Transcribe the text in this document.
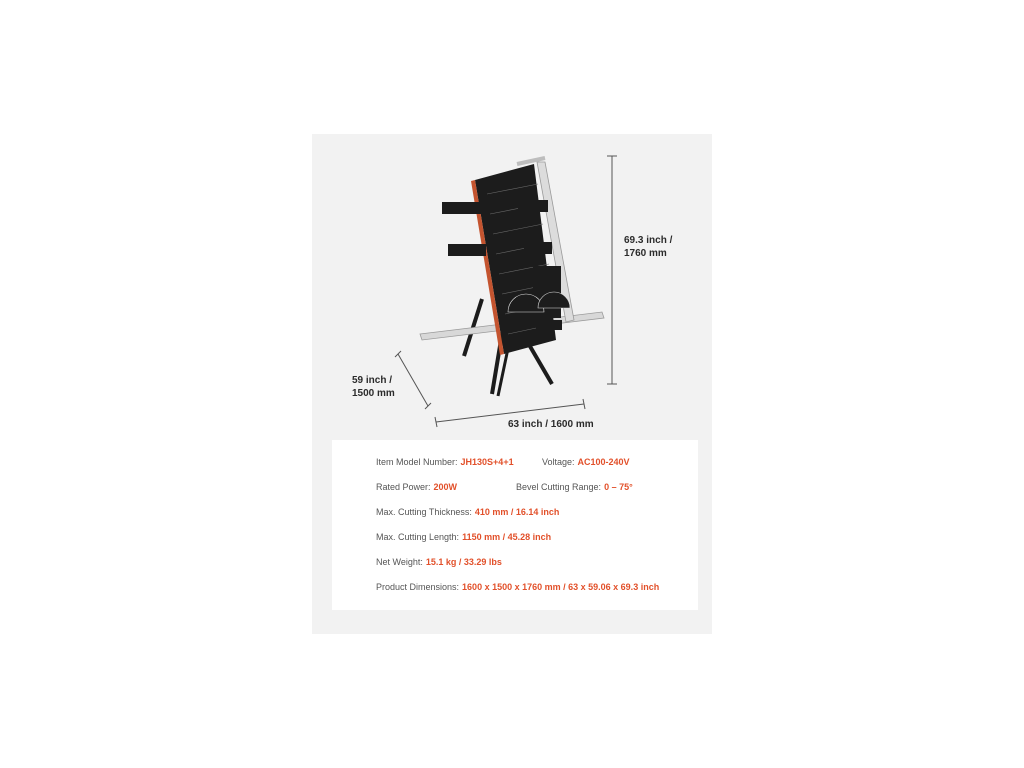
69.3 inch /
1760 mm
59 inch /
1500 mm
63 inch / 1600 mm
Item Model Number: JH130S+4+1	Voltage: AC100-240V
Rated Power: 200W	Bevel Cutting Range: 0 – 75°
Max. Cutting Thickness: 410 mm / 16.14 inch
Max. Cutting Length: 1150 mm / 45.28 inch
Net Weight: 15.1 kg / 33.29 lbs
Product Dimensions: 1600 x 1500 x 1760 mm / 63 x 59.06 x 69.3 inch
